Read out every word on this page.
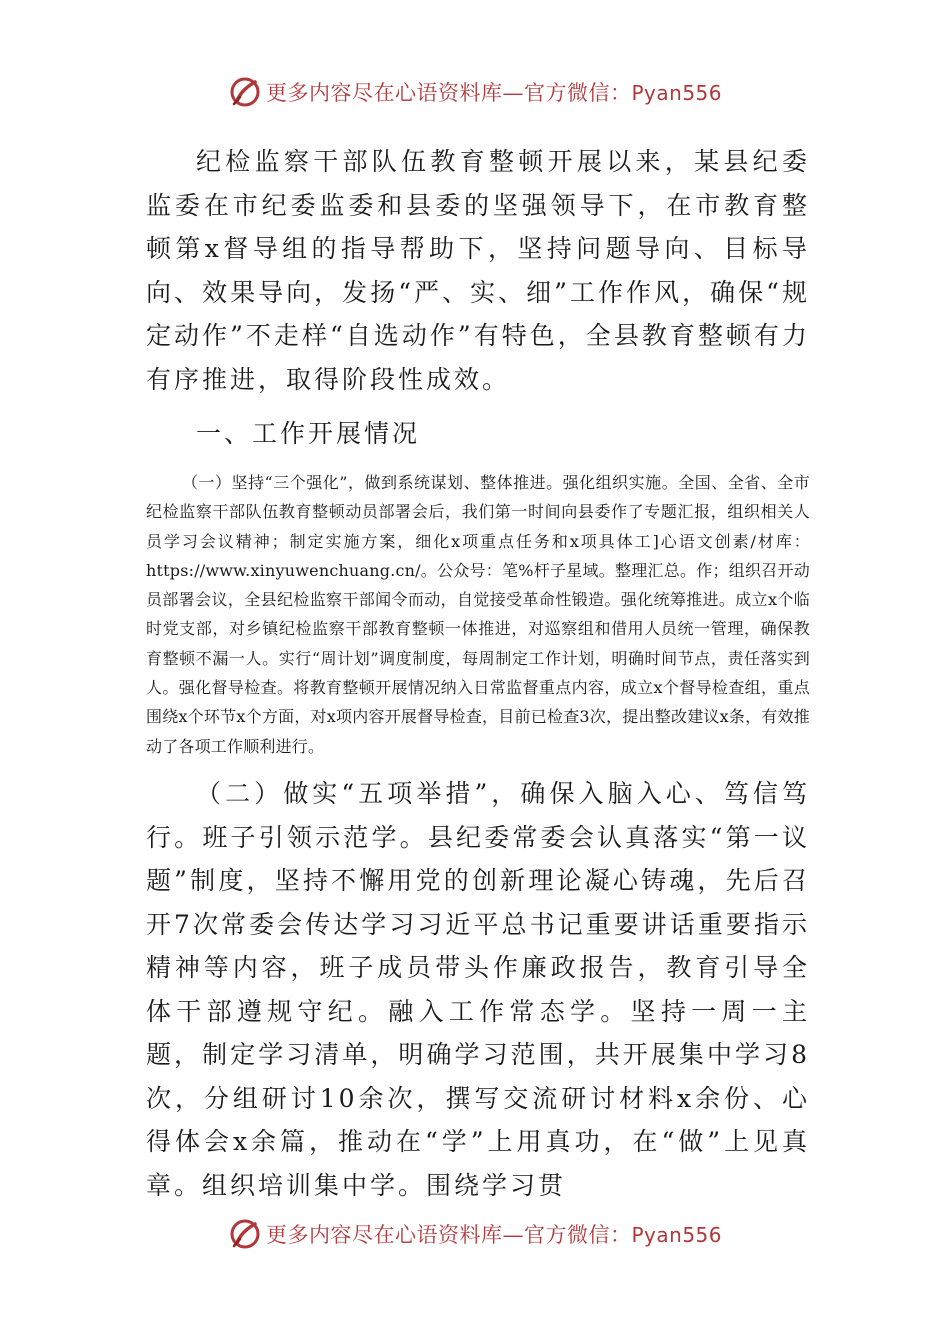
更多内容尽在心语资料库—官方微信：Pyan556

纪检监察干部队伍教育整顿开展以来，某县纪委监委在市纪委监委和县委的坚强领导下，在市教育整顿第x督导组的指导帮助下，坚持问题导向、目标导向、效果导向，发扬“严、实、细”工作作风，确保“规定动作”不走样“自选动作”有特色，全县教育整顿有力有序推进，取得阶段性成效。

一、工作开展情况

（一）坚持“三个强化”，做到系统谋划、整体推进。强化组织实施。全国、全省、全市纪检监察干部队伍教育整顿动员部署会后，我们第一时间向县委作了专题汇报，组织相关人员学习会议精神；制定实施方案，细化x项重点任务和x项具体工]心语文创素/材库：https://www.xinyuwenchuang.cn/。公众号：笔%杆子星域。整理汇总。作；组织召开动员部署会议，全县纪检监察干部闻令而动，自觉接受革命性锻造。强化统筹推进。成立x个临时党支部，对乡镇纪检监察干部教育整顿一体推进，对巡察组和借用人员统一管理，确保教育整顿不漏一人。实行“周计划”调度制度，每周制定工作计划，明确时间节点，责任落实到人。强化督导检查。将教育整顿开展情况纳入日常监督重点内容，成立x个督导检查组，重点围绕x个环节x个方面，对x项内容开展督导检查，目前已检查3次，提出整改建议x条，有效推动了各项工作顺利进行。

（二）做实“五项举措”，确保入脑入心、笃信笃行。班子引领示范学。县纪委常委会认真落实“第一议题”制度，坚持不懈用党的创新理论凝心铸魂，先后召开7次常委会传达学习习近平总书记重要讲话重要指示精神等内容，班子成员带头作廉政报告，教育引导全体干部遵规守纪。融入工作常态学。坚持一周一主题，制定学习清单，明确学习范围，共开展集中学习8次，分组研讨10余次，撰写交流研讨材料x余份、心得体会x余篇，推动在“学”上用真功，在“做”上见真章。组织培训集中学。围绕学习贯

更多内容尽在心语资料库—官方微信：Pyan556
